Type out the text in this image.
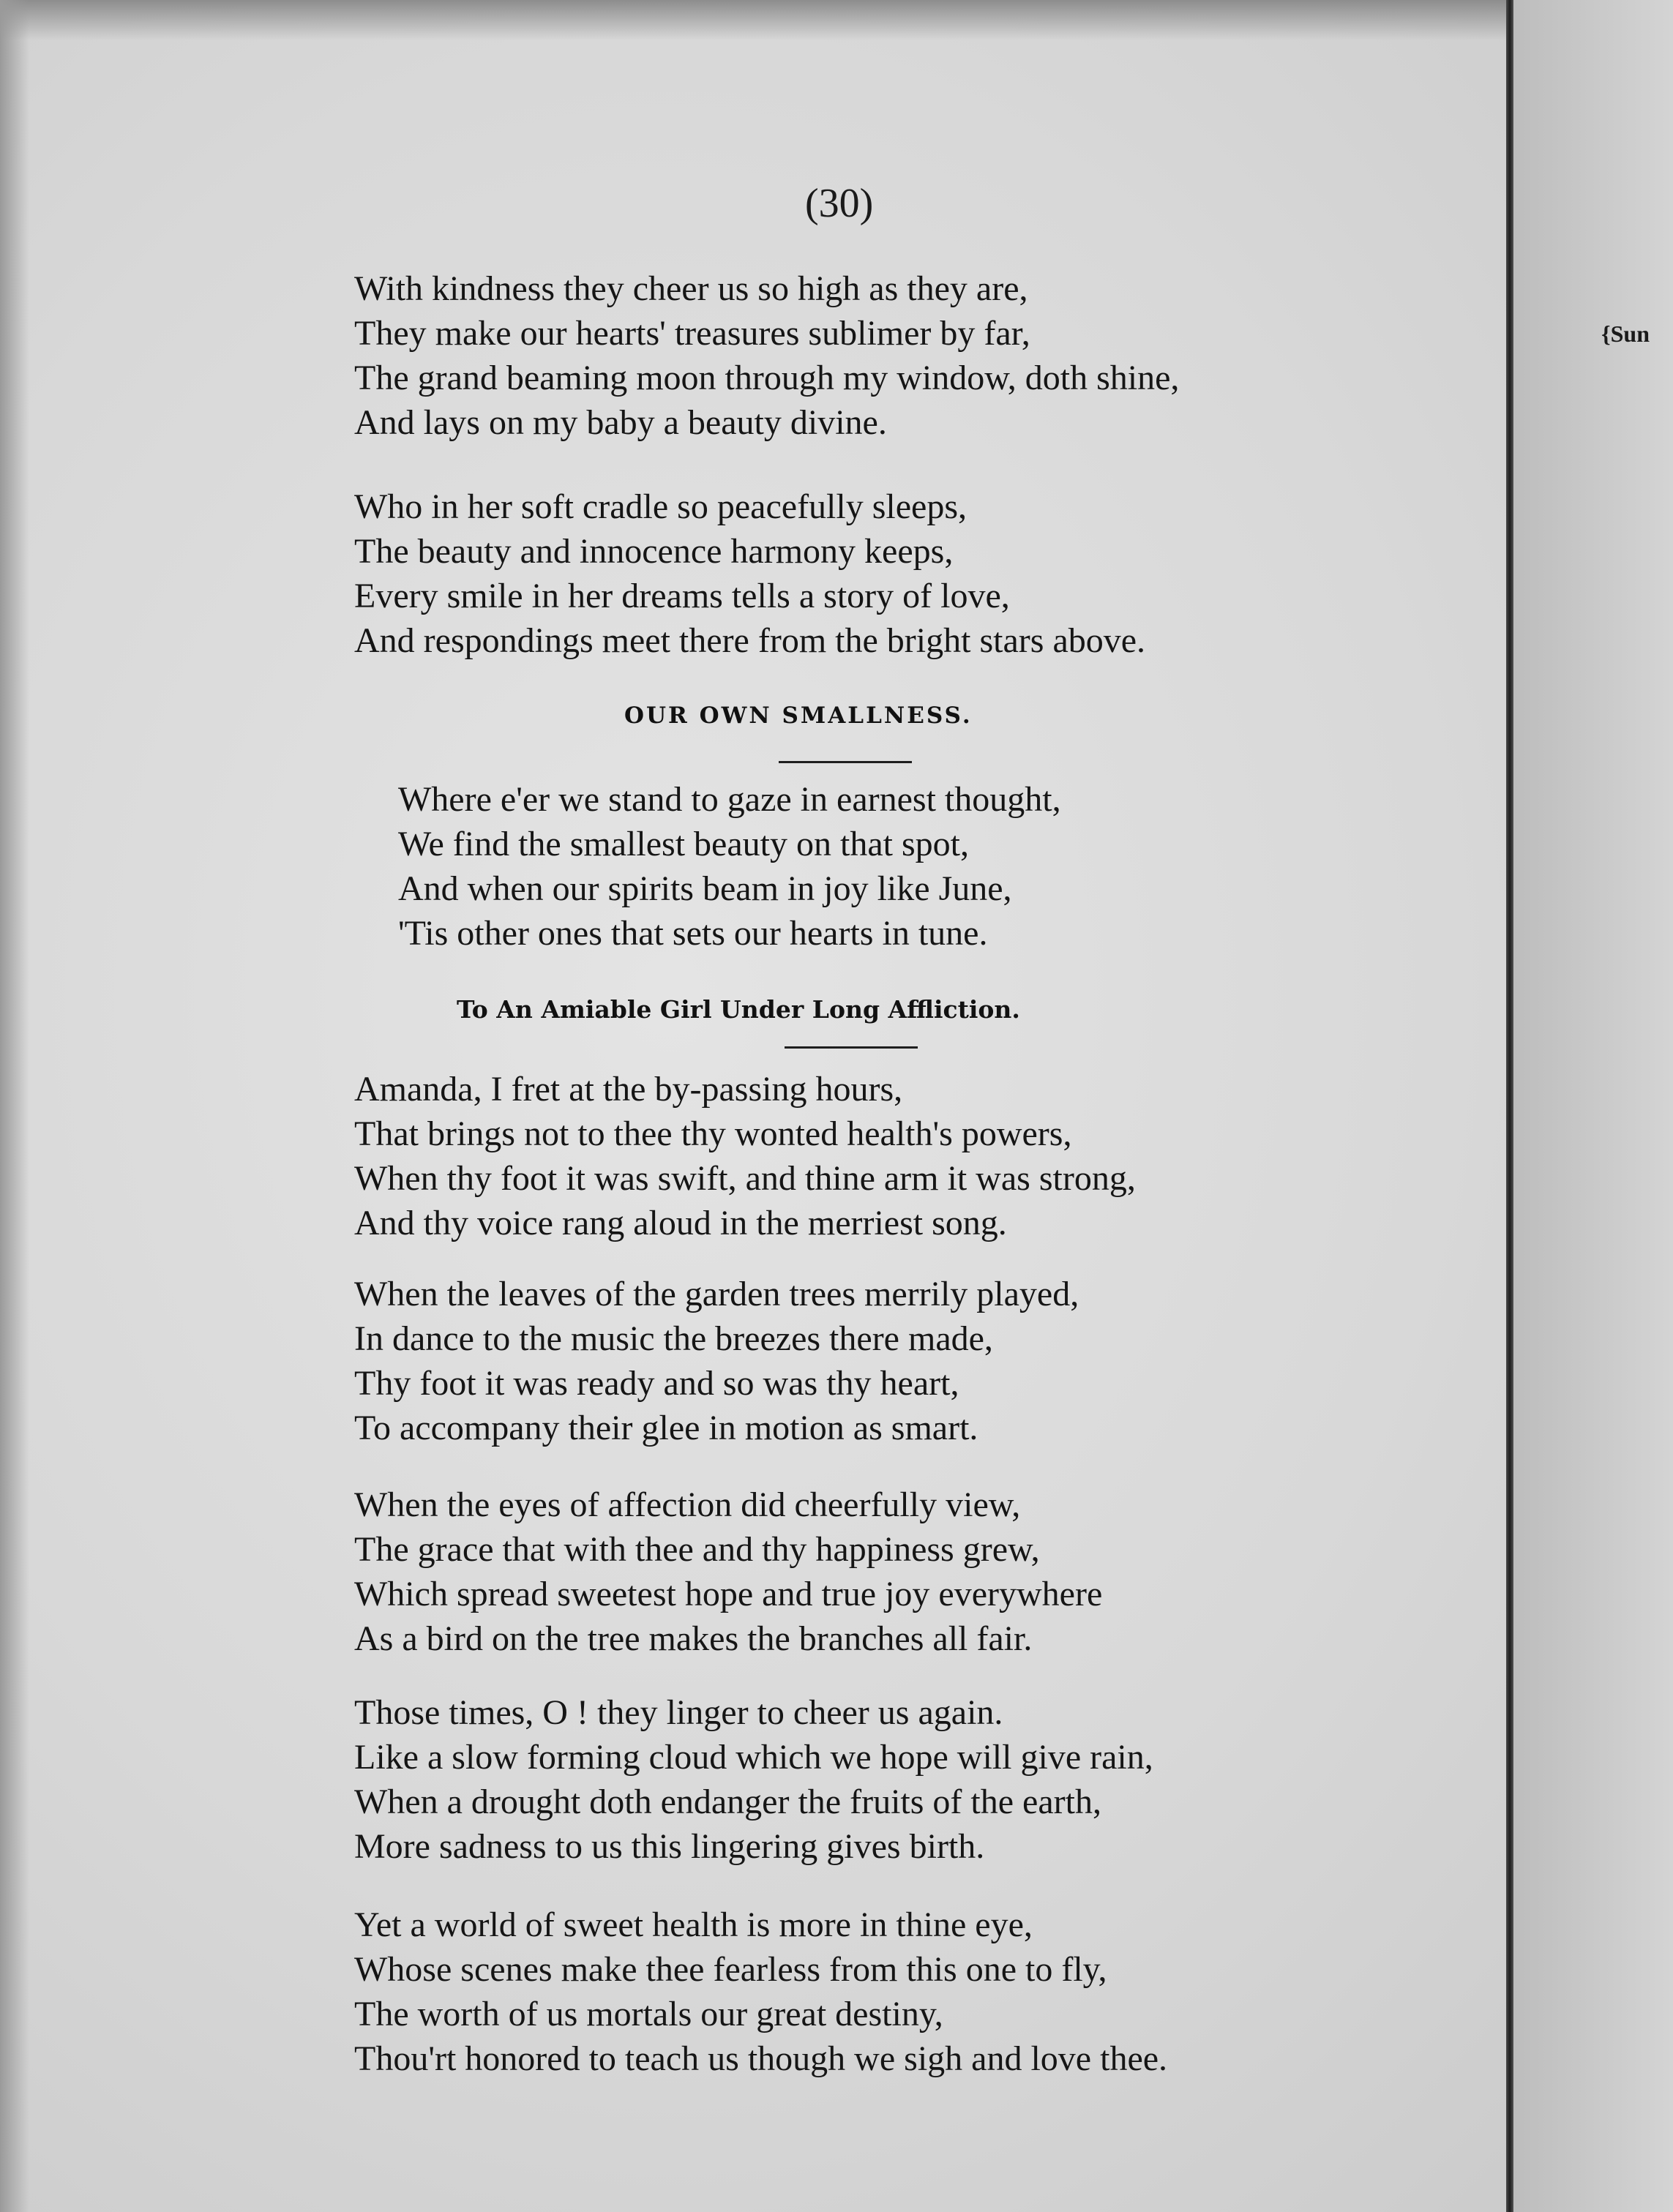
{Sun
(30)
With kindness they cheer us so high as they are,
They make our hearts' treasures sublimer by far,
The grand beaming moon through my window, doth shine,
And lays on my baby a beauty divine.
Who in her soft cradle so peacefully sleeps,
The beauty and innocence harmony keeps,
Every smile in her dreams tells a story of love,
And respondings meet there from the bright stars above.
OUR OWN SMALLNESS.
Where e'er we stand to gaze in earnest thought,
We find the smallest beauty on that spot,
And when our spirits beam in joy like June,
'Tis other ones that sets our hearts in tune.
To An Amiable Girl Under Long Affliction.
Amanda, I fret at the by-passing hours,
That brings not to thee thy wonted health's powers,
When thy foot it was swift, and thine arm it was strong,
And thy voice rang aloud in the merriest song.
When the leaves of the garden trees merrily played,
In dance to the music the breezes there made,
Thy foot it was ready and so was thy heart,
To accompany their glee in motion as smart.
When the eyes of affection did cheerfully view,
The grace that with thee and thy happiness grew,
Which spread sweetest hope and true joy everywhere
As a bird on the tree makes the branches all fair.
Those times, O ! they linger to cheer us again.
Like a slow forming cloud which we hope will give rain,
When a drought doth endanger the fruits of the earth,
More sadness to us this lingering gives birth.
Yet a world of sweet health is more in thine eye,
Whose scenes make thee fearless from this one to fly,
The worth of us mortals our great destiny,
Thou'rt honored to teach us though we sigh and love thee.
